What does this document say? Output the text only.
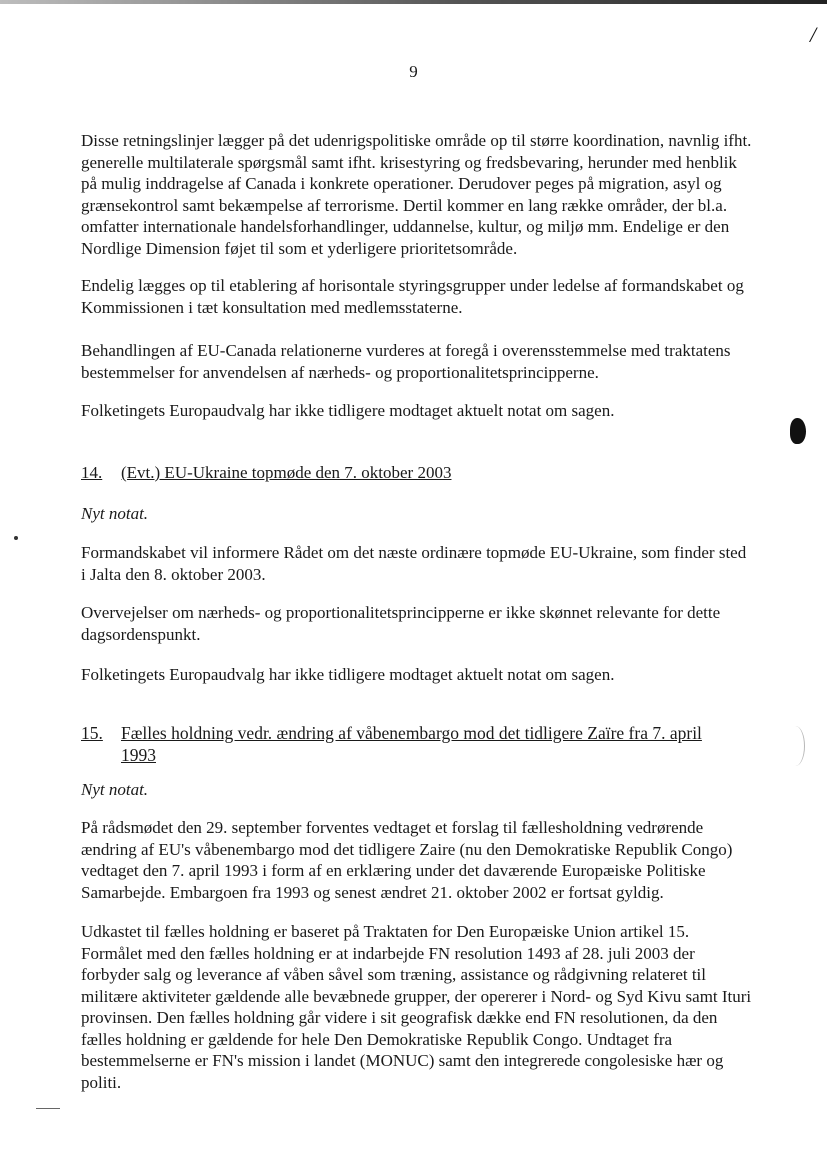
/
9

Disse retningslinjer lægger på det udenrigspolitiske område op til større koordination, navnlig ifht. generelle multilaterale spørgsmål samt ifht. krisestyring og fredsbevaring, herunder med henblik på mulig inddragelse af Canada i konkrete operationer. Derudover peges på migration, asyl og grænsekontrol samt bekæmpelse af terrorisme. Dertil kommer en lang række områder, der bl.a. omfatter internationale handelsforhandlinger, uddannelse, kultur, og miljø mm. Endelige er den Nordlige Dimension føjet til som et yderligere prioritetsområde.

Endelig lægges op til etablering af horisontale styringsgrupper under ledelse af formandskabet og Kommissionen i tæt konsultation med medlemsstaterne.

Behandlingen af EU-Canada relationerne vurderes at foregå i overensstemmelse med traktatens bestemmelser for anvendelsen af nærheds- og proportionalitetsprincipperne.

Folketingets Europaudvalg har ikke tidligere modtaget aktuelt notat om sagen.

14.	(Evt.) EU-Ukraine topmøde den 7. oktober 2003

Nyt notat.

Formandskabet vil informere Rådet om det næste ordinære topmøde EU-Ukraine, som finder sted i Jalta den 8. oktober 2003.

Overvejelser om nærheds- og proportionalitetsprincipperne er ikke skønnet relevante for dette dagsordenspunkt.

Folketingets Europaudvalg har ikke tidligere modtaget aktuelt notat om sagen.

15.	Fælles holdning vedr. ændring af våbenembargo mod det tidligere Zaïre fra 7. april 1993

Nyt notat.

På rådsmødet den 29. september forventes vedtaget et forslag til fællesholdning vedrørende ændring af EU's våbenembargo mod det tidligere Zaire (nu den Demokratiske Republik Congo) vedtaget den 7. april 1993 i form af en erklæring under det daværende Europæiske Politiske Samarbejde. Embargoen fra 1993 og senest ændret 21. oktober 2002 er fortsat gyldig.

Udkastet til fælles holdning er baseret på Traktaten for Den Europæiske Union artikel 15. Formålet med den fælles holdning er at indarbejde FN resolution 1493 af 28. juli 2003 der forbyder salg og leverance af våben såvel som træning, assistance og rådgivning relateret til militære aktiviteter gældende alle bevæbnede grupper, der opererer i Nord- og Syd Kivu samt Ituri provinsen. Den fælles holdning går videre i sit geografisk dække end FN resolutionen, da den fælles holdning er gældende for hele Den Demokratiske Republik Congo. Undtaget fra bestemmelserne er FN's mission i landet (MONUC) samt den integrerede congolesiske hær og politi.
